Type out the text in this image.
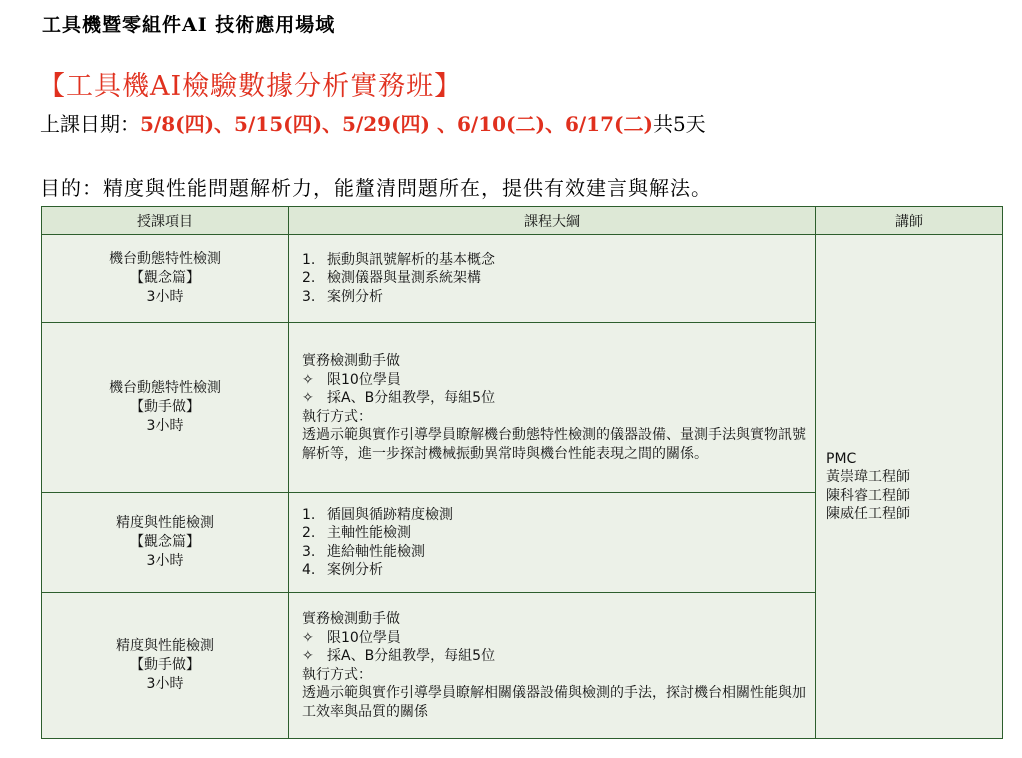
工具機暨零組件AI 技術應用場域
【工具機AI檢驗數據分析實務班】
上課日期：5/8(四)、5/15(四)、5/29(四) 、6/10(二)、6/17(二)共5天
目的：精度與性能問題解析力，能釐清問題所在，提供有效建言與解法。
授課項目	課程大綱	講師

機台動態特性檢測
【觀念篇】
3小時	1. 振動與訊號解析的基本概念
2. 檢測儀器與量測系統架構
3. 案例分析	PMC
黃崇瑋工程師
陳科睿工程師
陳威任工程師

機台動態特性檢測
【動手做】
3小時	實務檢測動手做
✧ 限10位學員
✧ 採A、B分組教學，每組5位
執行方式：
透過示範與實作引導學員瞭解機台動態特性檢測的儀器設備、量測手法與實物訊號解析等，進一步探討機械振動異常時與機台性能表現之間的關係。	

精度與性能檢測
【觀念篇】
3小時	1. 循圓與循跡精度檢測
2. 主軸性能檢測
3. 進給軸性能檢測
4. 案例分析	

精度與性能檢測
【動手做】
3小時	實務檢測動手做
✧ 限10位學員
✧ 採A、B分組教學，每組5位
執行方式：
透過示範與實作引導學員瞭解相關儀器設備與檢測的手法，探討機台相關性能與加工效率與品質的關係	
